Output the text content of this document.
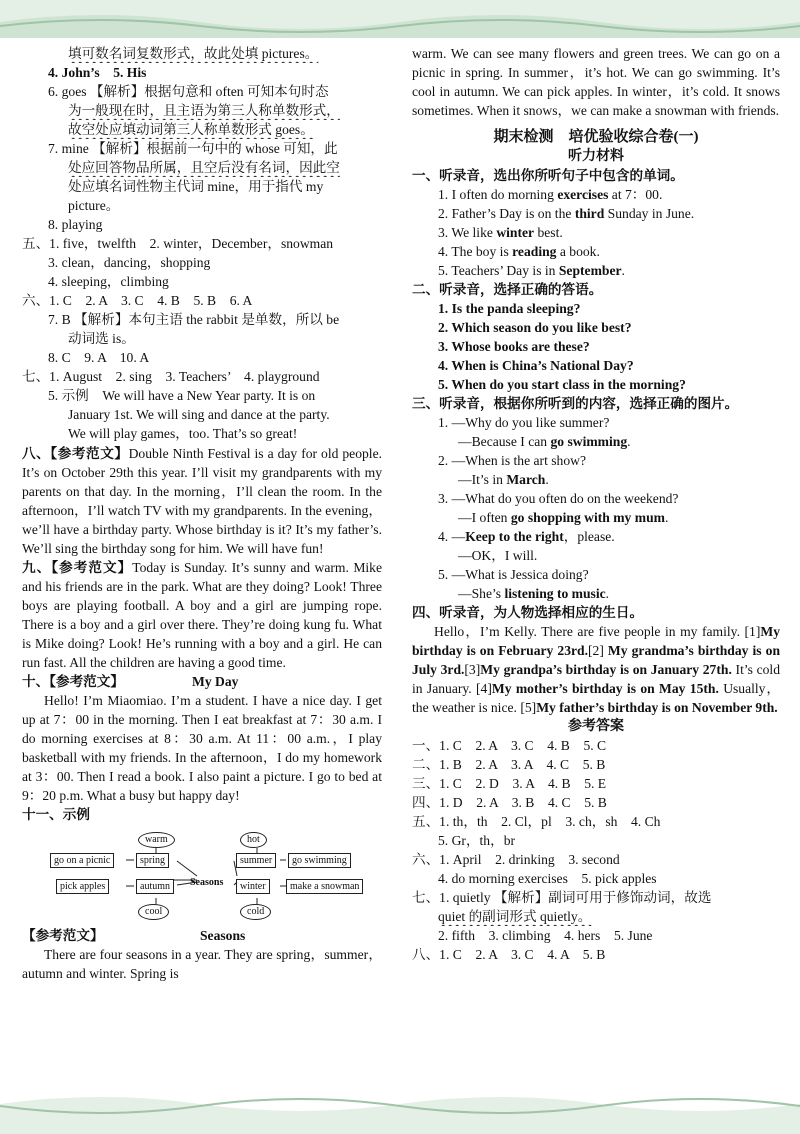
填可数名词复数形式，故此处填 pictures。
4. John’s　5. His
6. goes 【解析】根据句意和 often 可知本句时态
为一般现在时，且主语为第三人称单数形式，
故空处应填动词第三人称单数形式 goes。
7. mine 【解析】根据前一句中的 whose 可知，此
处应回答物品所属，且空后没有名词，因此空
处应填名词性物主代词 mine，用于指代 my
picture。
8. playing
五、1. five，twelfth　2. winter，December，snowman
3. clean，dancing，shopping
4. sleeping，climbing
六、1. C　2. A　3. C　4. B　5. B　6. A
7. B 【解析】本句主语 the rabbit 是单数，所以 be
动词选 is。
8. C　9. A　10. A
七、1. August　2. sing　3. Teachers’　4. playground
5. 示例　We will have a New Year party. It is on
January 1st. We will sing and dance at the party.
We will play games，too. That’s so great!
八、【参考范文】Double Ninth Festival is a day for old people. It’s on October 29th this year. I’ll visit my grandparents with my parents on that day. In the morning，I’ll clean the room. In the afternoon，I’ll watch TV with my grandparents. In the evening，we’ll have a birthday party. Whose birthday is it? It’s my father’s. We’ll sing the birthday song for him. We will have fun!
九、【参考范文】Today is Sunday. It’s sunny and warm. Mike and his friends are in the park. What are they doing? Look! Three boys are playing football. A boy and a girl are jumping rope. There is a boy and a girl over there. They’re doing kung fu. What is Mike doing? Look! He’s running with a boy and a girl. He can run fast. All the children are having a good time.
十、【参考范文】	My Day
Hello! I’m Miaomiao. I’m a student. I have a nice day. I get up at 7：00 in the morning. Then I eat breakfast at 7：30 a.m. I do morning exercises at 8：30 a.m. At 11：00 a.m.，I play basketball with my friends. In the afternoon，I do my homework at 3：00. Then I read a book. I also paint a picture. I go to bed at 9：20 p.m. What a busy but happy day!
十一、示例
warm
cool
hot
cold
spring
autumn
summer
winter
Seasons
go on a picnic
pick apples
go swimming
make a snowman
【参考范文】	Seasons
There are four seasons in a year. They are spring，summer，autumn and winter. Spring is
warm. We can see many flowers and green trees. We can go on a picnic in spring. In summer，it’s hot. We can go swimming. It’s cool in autumn. We can pick apples. In winter，it’s cold. It snows sometimes. When it snows，we can make a snowman with friends.
期末检测　培优验收综合卷(一)
听力材料
一、听录音，选出你所听句子中包含的单词。
1. I often do morning exercises at 7：00.
2. Father’s Day is on the third Sunday in June.
3. We like winter best.
4. The boy is reading a book.
5. Teachers’ Day is in September.
二、听录音，选择正确的答语。
1. Is the panda sleeping?
2. Which season do you like best?
3. Whose books are these?
4. When is China’s National Day?
5. When do you start class in the morning?
三、听录音，根据你所听到的内容，选择正确的图片。
1. —Why do you like summer?
—Because I can go swimming.
2. —When is the art show?
—It’s in March.
3. —What do you often do on the weekend?
—I often go shopping with my mum.
4. —Keep to the right，please.
—OK，I will.
5. —What is Jessica doing?
—She’s listening to music.
四、听录音，为人物选择相应的生日。
Hello，I’m Kelly. There are five people in my family. [1]My birthday is on February 23rd.[2] My grandma’s birthday is on July 3rd.[3]My grandpa’s birthday is on January 27th. It’s cold in January. [4]My mother’s birthday is on May 15th. Usually，the weather is nice. [5]My father’s birthday is on November 9th.
参考答案
一、1. C　2. A　3. C　4. B　5. C
二、1. B　2. A　3. A　4. C　5. B
三、1. C　2. D　3. A　4. B　5. E
四、1. D　2. A　3. B　4. C　5. B
五、1. th，th　2. Cl，pl　3. ch，sh　4. Ch
5. Gr，th，br
六、1. April　2. drinking　3. second
4. do morning exercises　5. pick apples
七、1. quietly 【解析】副词可用于修饰动词，故选
quiet 的副词形式 quietly。
2. fifth　3. climbing　4. hers　5. June
八、1. C　2. A　3. C　4. A　5. B
